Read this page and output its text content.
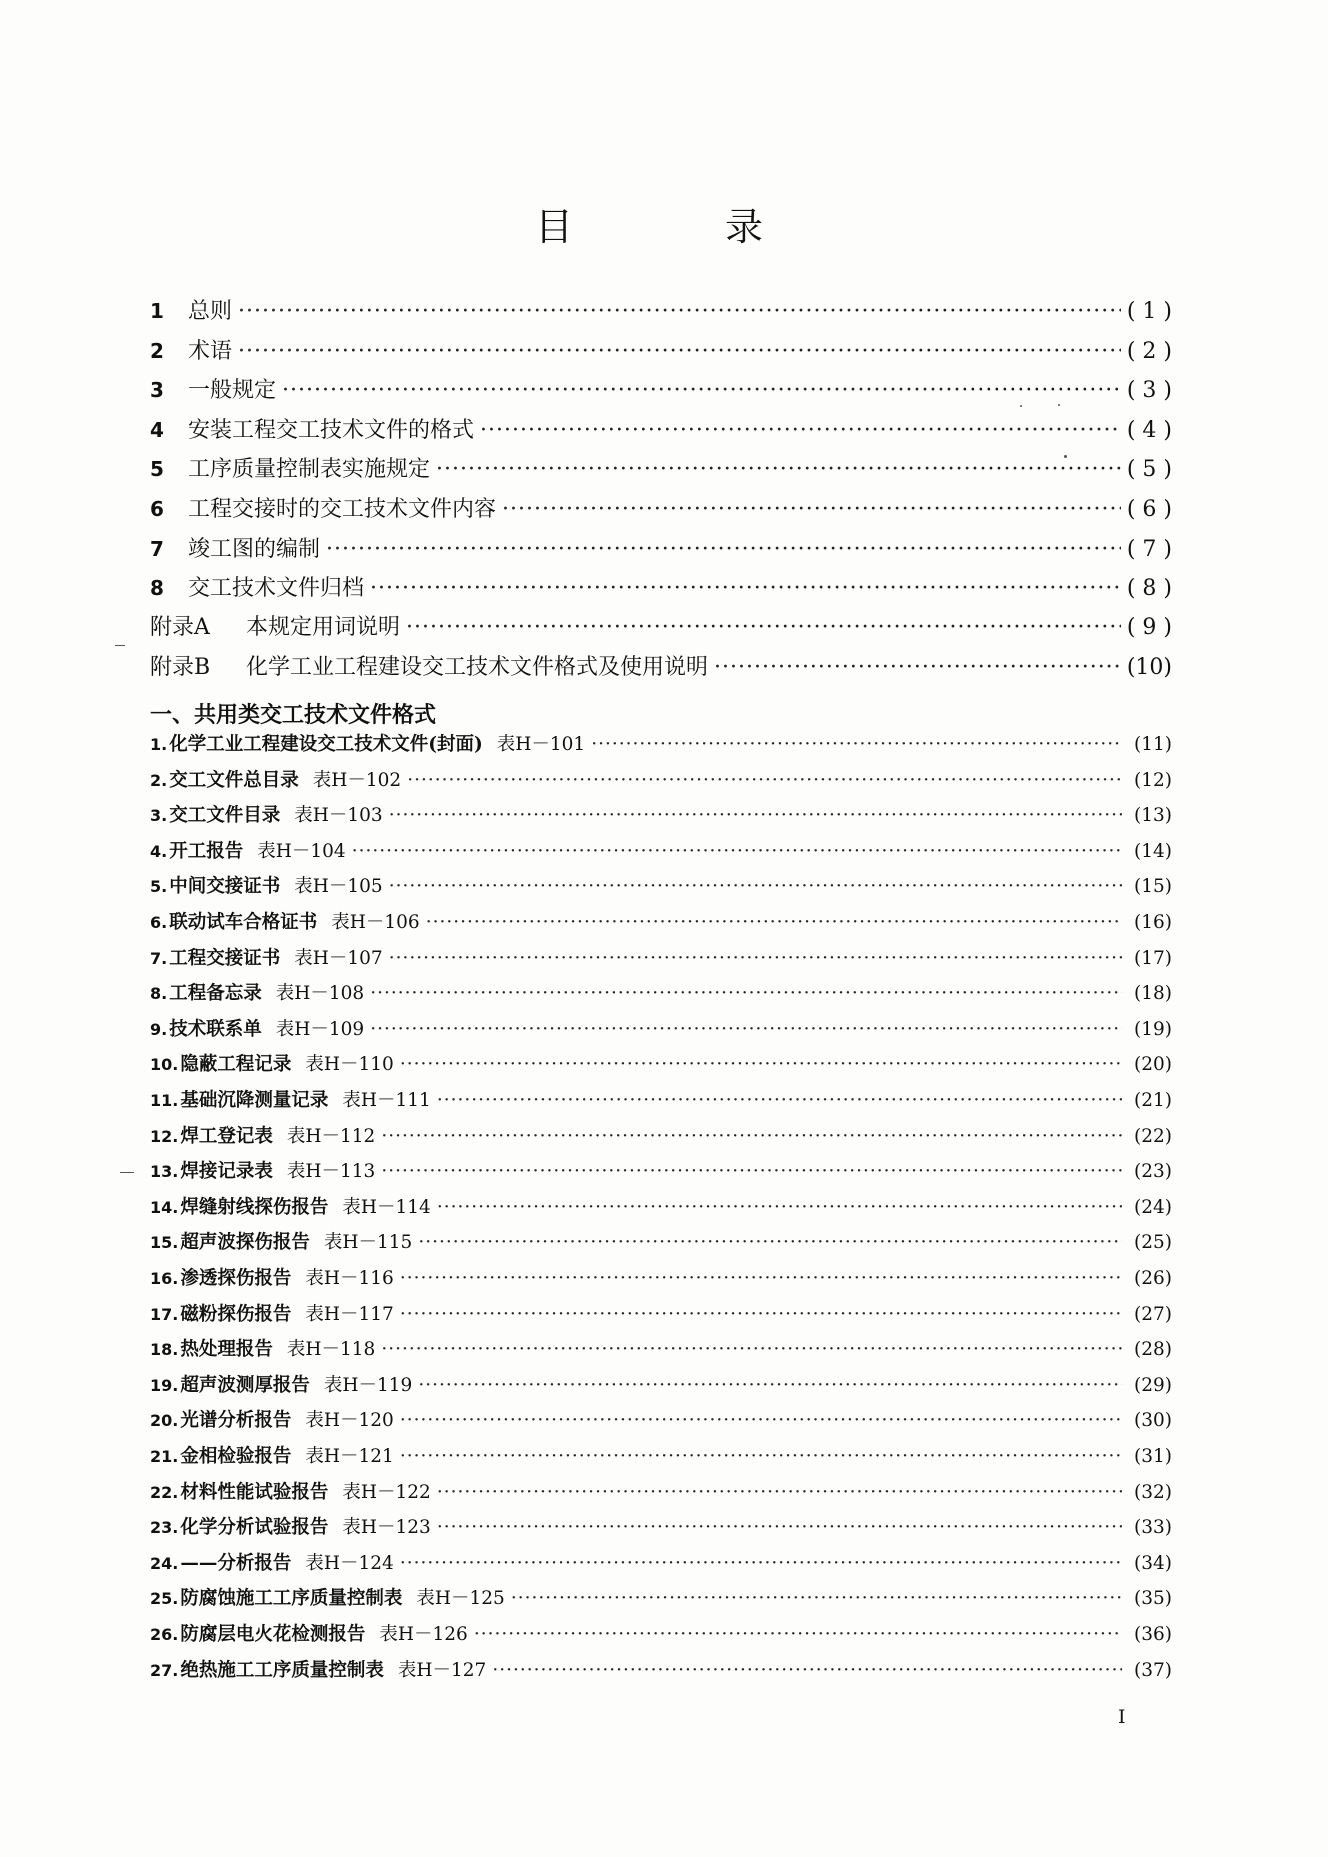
目 录
1	总则 ·····	( 1 )
2	术语 ·····	( 2 )
3	一般规定 ·····	( 3 )
4	安装工程交工技术文件的格式 ·····	( 4 )
5	工序质量控制表实施规定 ·····	( 5 )
6	工程交接时的交工技术文件内容 ·····	( 6 )
7	竣工图的编制 ·····	( 7 )
8	交工技术文件归档 ·····	( 8 )
附录A	本规定用词说明 ·····	( 9 )
附录B	化学工业工程建设交工技术文件格式及使用说明 ·····	(10)
1. 化学工业工程建设交工技术文件(封面) 表H－101 ·····	(11)
2. 交工文件总目录 表H－102 ·····	(12)
3. 交工文件目录 表H－103 ·····	(13)
4. 开工报告 表H－104 ·····	(14)
5. 中间交接证书 表H－105 ·····	(15)
6. 联动试车合格证书 表H－106 ·····	(16)
7. 工程交接证书 表H－107 ·····	(17)
8. 工程备忘录 表H－108 ·····	(18)
9. 技术联系单 表H－109 ·····	(19)
10. 隐蔽工程记录 表H－110 ·····	(20)
11. 基础沉降测量记录 表H－111 ·····	(21)
12. 焊工登记表 表H－112 ·····	(22)
13. 焊接记录表 表H－113 ·····	(23)
14. 焊缝射线探伤报告 表H－114 ·····	(24)
15. 超声波探伤报告 表H－115 ·····	(25)
16. 渗透探伤报告 表H－116 ·····	(26)
17. 磁粉探伤报告 表H－117 ·····	(27)
18. 热处理报告 表H－118 ·····	(28)
19. 超声波测厚报告 表H－119 ·····	(29)
20. 光谱分析报告 表H－120 ·····	(30)
21. 金相检验报告 表H－121 ·····	(31)
22. 材料性能试验报告 表H－122 ·····	(32)
23. 化学分析试验报告 表H－123 ·····	(33)
24. ——分析报告 表H－124 ·····	(34)
25. 防腐蚀施工工序质量控制表 表H－125 ·····	(35)
26. 防腐层电火花检测报告 表H－126 ·····	(36)
27. 绝热施工工序质量控制表 表H－127 ·····	(37)
一、共用类交工技术文件格式
I
